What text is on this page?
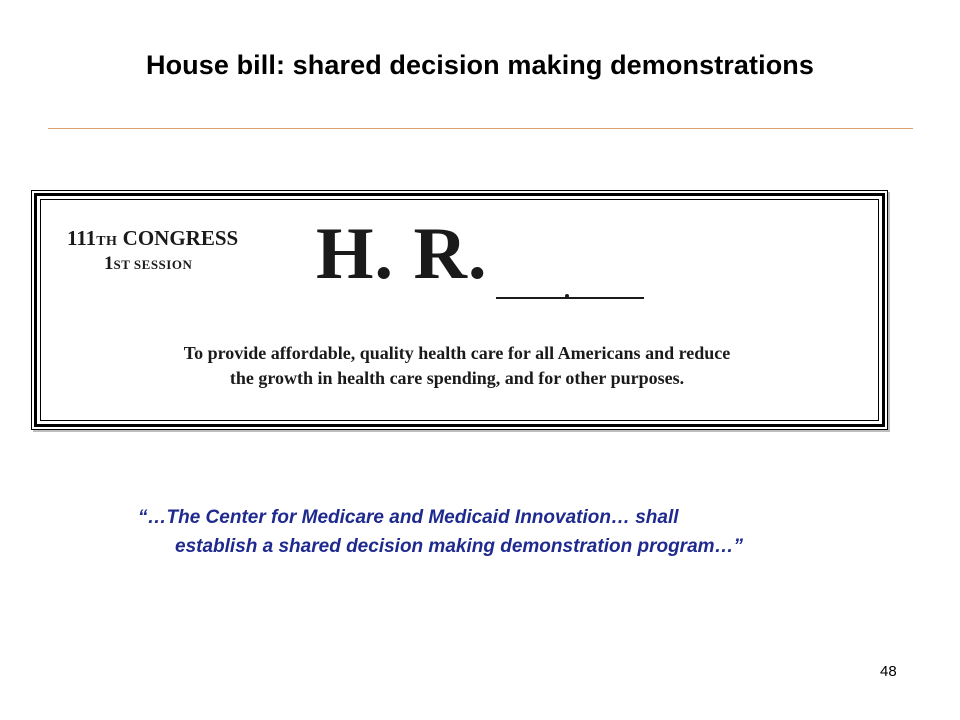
House bill: shared decision making demonstrations
111TH CONGRESS
1ST SESSION H. R.
To provide affordable, quality health care for all Americans and reduce
the growth in health care spending, and for other purposes.
“…The Center for Medicare and Medicaid Innovation… shall
establish a shared decision making demonstration program…”
48
